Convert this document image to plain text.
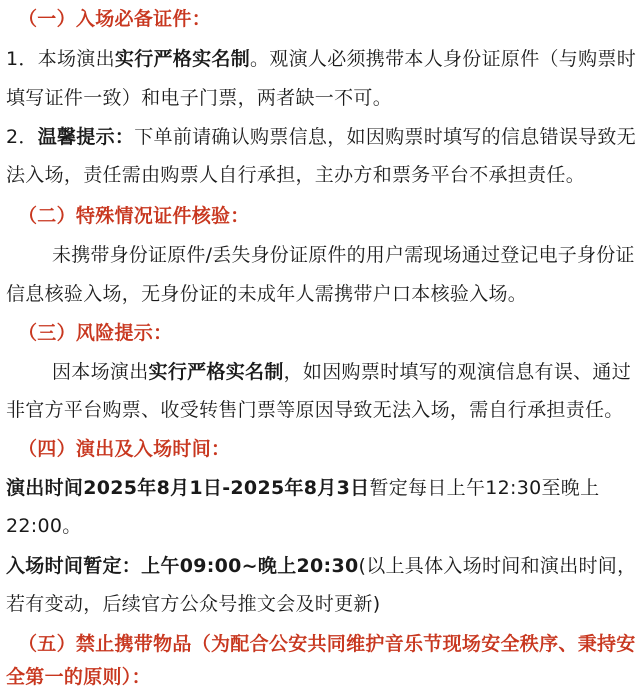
（一）入场必备证件：
1．本场演出实行严格实名制。观演人必须携带本人身份证原件（与购票时
填写证件一致）和电子门票，两者缺一不可。
2．温馨提示：下单前请确认购票信息，如因购票时填写的信息错误导致无
法入场，责任需由购票人自行承担，主办方和票务平台不承担责任。
（二）特殊情况证件核验：
未携带身份证原件/丢失身份证原件的用户需现场通过登记电子身份证
信息核验入场，无身份证的未成年人需携带户口本核验入场。
（三）风险提示：
因本场演出实行严格实名制，如因购票时填写的观演信息有误、通过
非官方平台购票、收受转售门票等原因导致无法入场，需自行承担责任。
（四）演出及入场时间：
演出时间2025年8月1日-2025年8月3日暂定每日上午12:30至晚上
22:00。
入场时间暂定：上午09:00~晚上20:30(以上具体入场时间和演出时间，
若有变动，后续官方公众号推文会及时更新)
（五）禁止携带物品（为配合公安共同维护音乐节现场安全秩序、秉持安
全第一的原则）：
